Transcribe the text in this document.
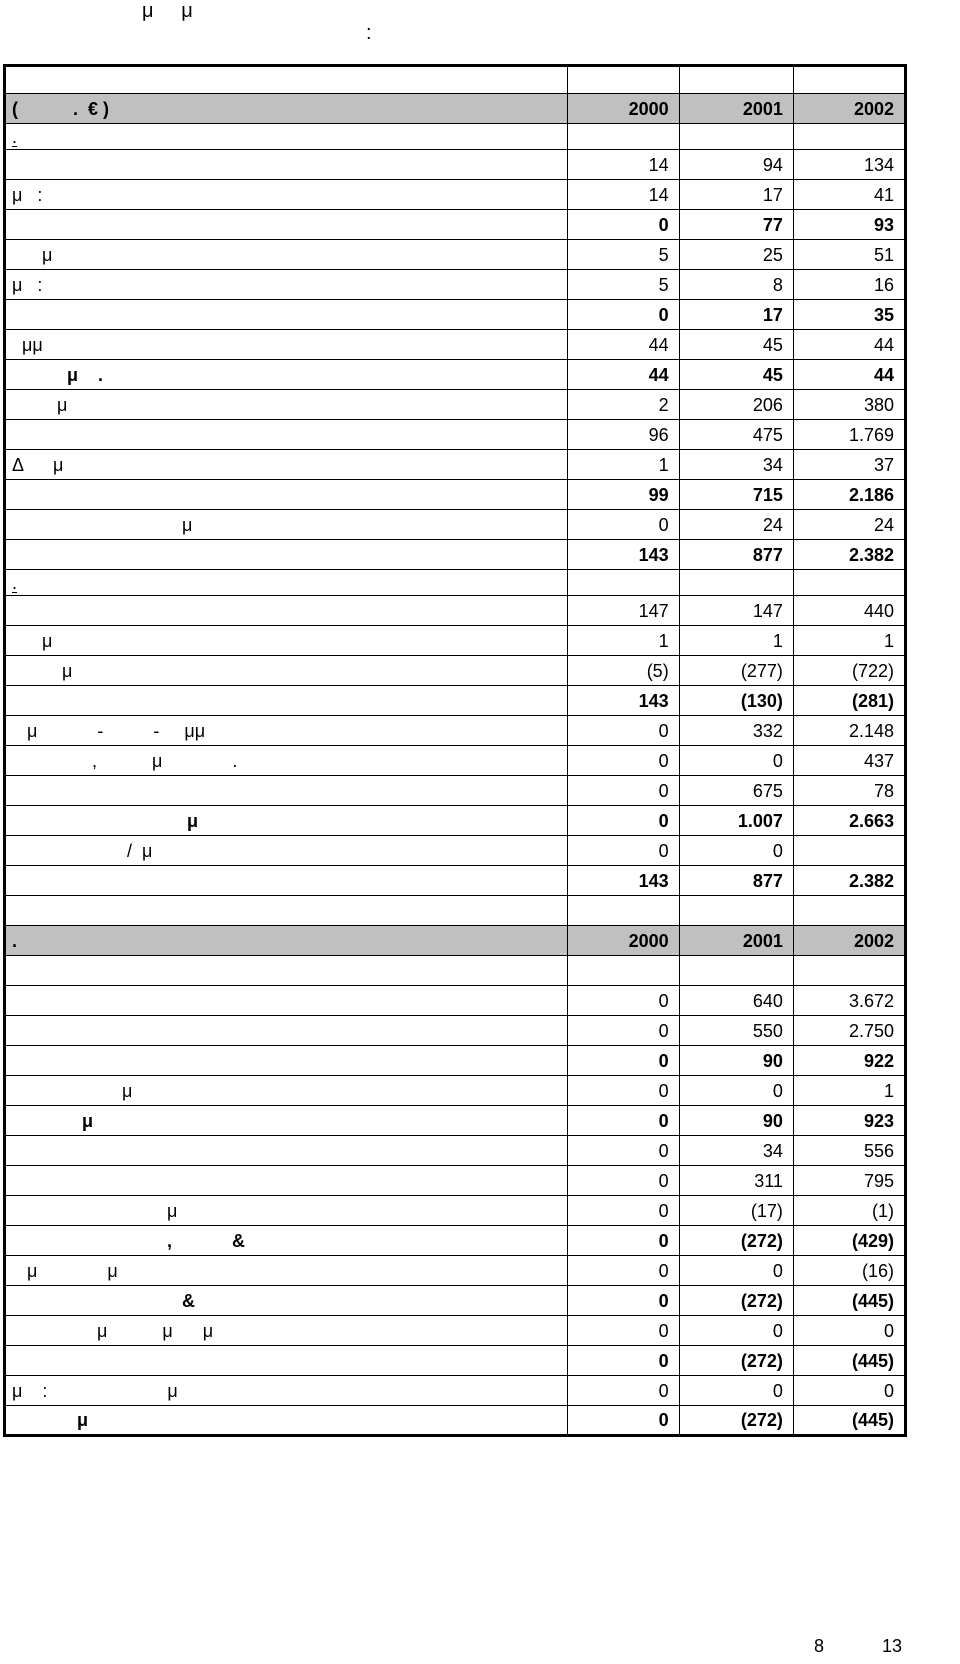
μ     μ
:

(           .  € )	2000	2001	2002
.			
	14	94	134
μ   :	14	17	41
	0	77	93
μ	5	25	51
μ   :	5	8	16
	0	17	35
μμ	44	45	44
μ    .	44	45	44
μ	2	206	380
	96	475	1.769
Δ      μ	1	34	37
	99	715	2.186
μ	0	24	24
	143	877	2.382
.			
	147	147	440
μ	1	1	1
μ	(5)	(277)	(722)
	143	(130)	(281)
μ            -          -     μμ	0	332	2.148
,           μ              .	0	0	437
	0	675	78
μ	0	1.007	2.663
/  μ	0	0	
	143	877	2.382

.	2000	2001	2002

	0	640	3.672
	0	550	2.750
	0	90	922
μ	0	0	1
μ	0	90	923
	0	34	556
	0	311	795
μ	0	(17)	(1)
,            &	0	(272)	(429)
μ              μ	0	0	(16)
&	0	(272)	(445)
μ           μ      μ	0	0	0
	0	(272)	(445)
μ    :                        μ	0	0	0
μ	0	(272)	(445)
8	13
